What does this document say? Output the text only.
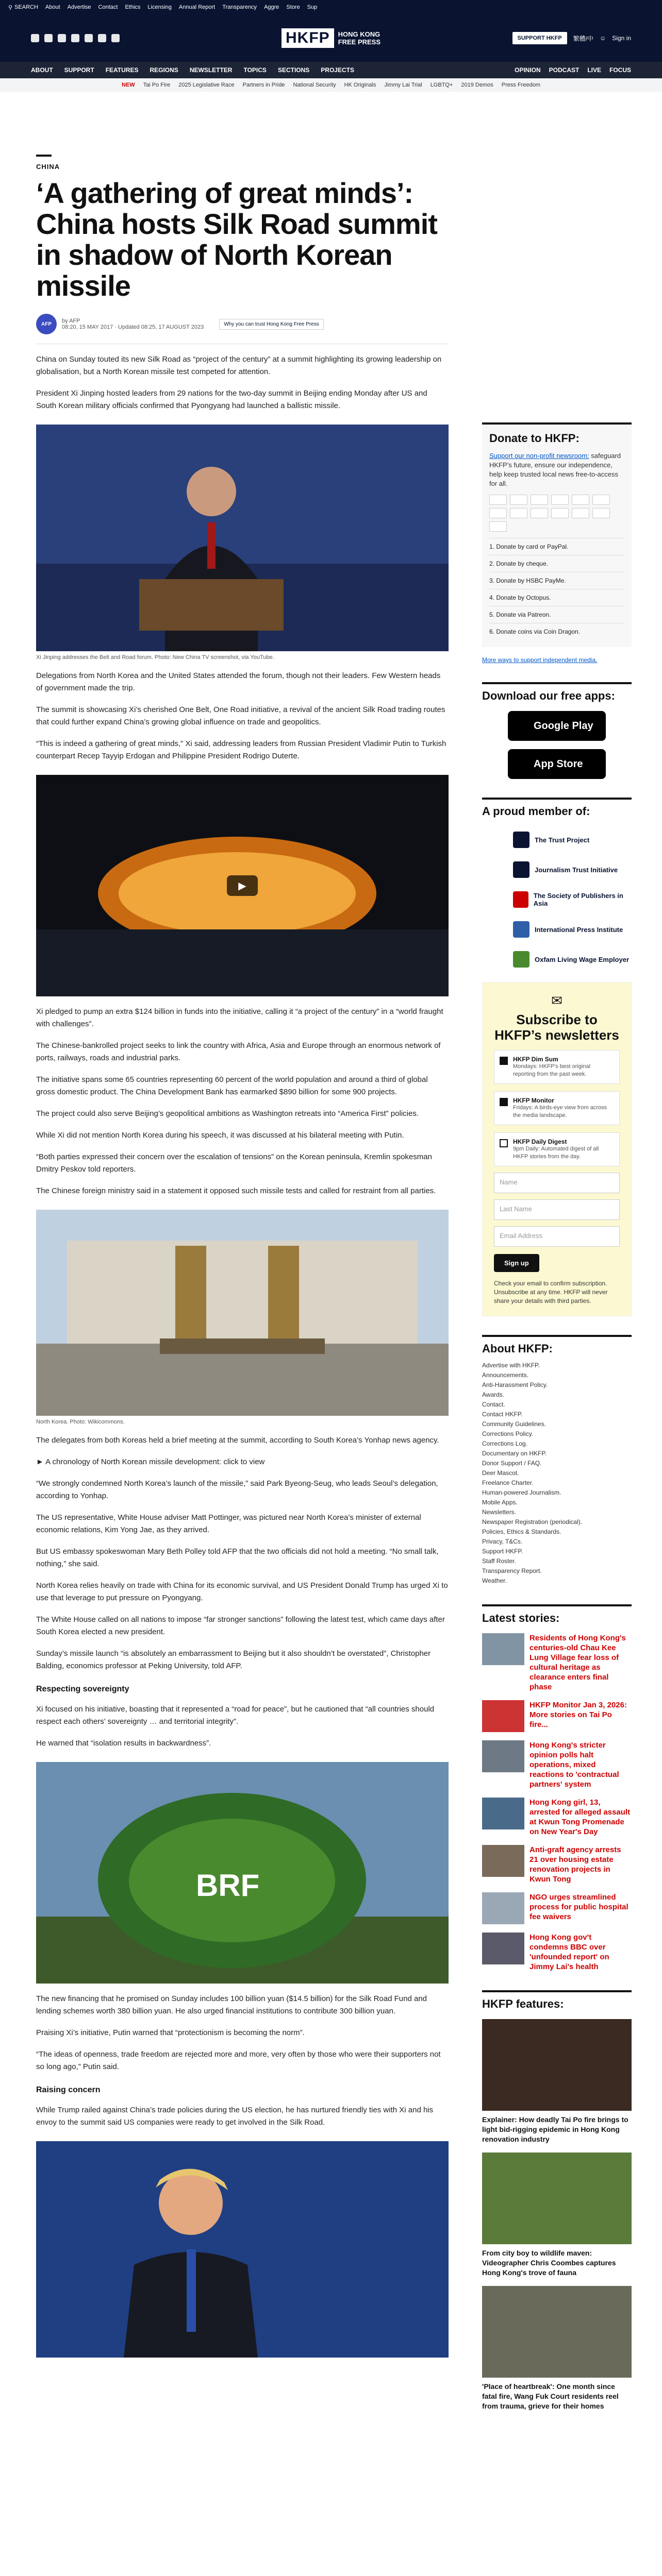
⚲ SEARCH About Advertise Contact Ethics Licensing Annual Report Transparency Aggre Store Sup
HKFP	HONG KONG
FREE PRESS	SUPPORT HKFP	繁體/中 ☺ Sign in
ABOUT SUPPORT FEATURES REGIONS NEWSLETTER TOPICS SECTIONS PROJECTS	OPINION PODCAST LIVE FOCUS
NEW Tai Po Fire 2025 Legislative Race Partners in Pride National Security HK Originals Jimmy Lai Trial LGBTQ+ 2019 Demos Press Freedom
CHINA
‘A gathering of great minds’: China hosts Silk Road summit in shadow of North Korean missile
AFP	by AFP
08:20, 15 MAY 2017 · Updated 08:25, 17 AUGUST 2023	Why you can trust Hong Kong Free Press

China on Sunday touted its new Silk Road as “project of the century” at a summit highlighting its growing leadership on globalisation, but a North Korean missile test competed for attention.

President Xi Jinping hosted leaders from 29 nations for the two-day summit in Beijing ending Monday after US and South Korean military officials confirmed that Pyongyang had launched a ballistic missile.

Xi Jinping addresses the Belt and Road forum. Photo: New China TV screenshot, via YouTube.

Delegations from North Korea and the United States attended the forum, though not their leaders. Few Western heads of government made the trip.

The summit is showcasing Xi’s cherished One Belt, One Road initiative, a revival of the ancient Silk Road trading routes that could further expand China’s growing global influence on trade and geopolitics.

“This is indeed a gathering of great minds,” Xi said, addressing leaders from Russian President Vladimir Putin to Turkish counterpart Recep Tayyip Erdogan and Philippine President Rodrigo Duterte.

▶

Xi pledged to pump an extra $124 billion in funds into the initiative, calling it “a project of the century” in a “world fraught with challenges”.

The Chinese-bankrolled project seeks to link the country with Africa, Asia and Europe through an enormous network of ports, railways, roads and industrial parks.

The initiative spans some 65 countries representing 60 percent of the world population and around a third of global gross domestic product. The China Development Bank has earmarked $890 billion for some 900 projects.

The project could also serve Beijing’s geopolitical ambitions as Washington retreats into “America First” policies.

While Xi did not mention North Korea during his speech, it was discussed at his bilateral meeting with Putin.

“Both parties expressed their concern over the escalation of tensions” on the Korean peninsula, Kremlin spokesman Dmitry Peskov told reporters.

The Chinese foreign ministry said in a statement it opposed such missile tests and called for restraint from all parties.

North Korea. Photo: Wikicommons.

The delegates from both Koreas held a brief meeting at the summit, according to South Korea’s Yonhap news agency.

► A chronology of North Korean missile development: click to view

“We strongly condemned North Korea’s launch of the missile,” said Park Byeong-Seug, who leads Seoul’s delegation, according to Yonhap.

The US representative, White House adviser Matt Pottinger, was pictured near North Korea’s minister of external economic relations, Kim Yong Jae, as they arrived.

But US embassy spokeswoman Mary Beth Polley told AFP that the two officials did not hold a meeting. “No small talk, nothing,” she said.

North Korea relies heavily on trade with China for its economic survival, and US President Donald Trump has urged Xi to use that leverage to put pressure on Pyongyang.

The White House called on all nations to impose “far stronger sanctions” following the latest test, which came days after South Korea elected a new president.

Sunday’s missile launch “is absolutely an embarrassment to Beijing but it also shouldn’t be overstated”, Christopher Balding, economics professor at Peking University, told AFP.

Respecting sovereignty

Xi focused on his initiative, boasting that it represented a “road for peace”, but he cautioned that “all countries should respect each others’ sovereignty … and territorial integrity”.

He warned that “isolation results in backwardness”.

BRF

The new financing that he promised on Sunday includes 100 billion yuan ($14.5 billion) for the Silk Road Fund and lending schemes worth 380 billion yuan. He also urged financial institutions to contribute 300 billion yuan.

Praising Xi’s initiative, Putin warned that “protectionism is becoming the norm”.

“The ideas of openness, trade freedom are rejected more and more, very often by those who were their supporters not so long ago,” Putin said.

Raising concern

While Trump railed against China’s trade policies during the US election, he has nurtured friendly ties with Xi and his envoy to the summit said US companies were ready to get involved in the Silk Road.

Donate to HKFP:

Support our non-profit newsroom: safeguard HKFP’s future, ensure our independence, help keep trusted local news free-to-access for all.

1. Donate by card or PayPal.
2. Donate by cheque.
3. Donate by HSBC PayMe.
4. Donate by Octopus.
5. Donate via Patreon.
6. Donate coins via Coin Dragon.
More ways to support independent media.
Download our free apps:
Google Play
App Store
A proud member of:
The Trust Project
Journalism Trust Initiative
The Society of Publishers in Asia
International Press Institute
Oxfam Living Wage Employer
✉
Subscribe to HKFP’s newsletters
HKFP Dim Sum
Mondays: HKFP's best original reporting from the past week.
HKFP Monitor
Fridays: A birds-eye view from across the media landscape.
HKFP Daily Digest
9pm Daily: Automated digest of all HKFP stories from the day.
Name
Last Name
Email Address
Sign up

Check your email to confirm subscription. Unsubscribe at any time. HKFP will never share your details with third parties.

About HKFP:
Advertise with HKFP.
Announcements.
Anti-Harassment Policy.
Awards.
Contact.
Contact HKFP.
Community Guidelines.
Corrections Policy.
Corrections Log.
Documentary on HKFP.
Donor Support / FAQ.
Deer Mascot.
Freelance Charter.
Human-powered Journalism.
Mobile Apps.
Newsletters.
Newspaper Registration (periodical).
Policies, Ethics & Standards.
Privacy, T&Cs.
Support HKFP.
Staff Roster.
Transparency Report.
Weather.
Latest stories:
Residents of Hong Kong's centuries-old Chau Kee Lung Village fear loss of cultural heritage as clearance enters final phase
HKFP Monitor Jan 3, 2026: More stories on Tai Po fire...
Hong Kong's stricter opinion polls halt operations, mixed reactions to 'contractual partners' system
Hong Kong girl, 13, arrested for alleged assault at Kwun Tong Promenade on New Year's Day
Anti-graft agency arrests 21 over housing estate renovation projects in Kwun Tong
NGO urges streamlined process for public hospital fee waivers
Hong Kong gov't condemns BBC over 'unfounded report' on Jimmy Lai's health
HKFP features:
Explainer: How deadly Tai Po fire brings to light bid-rigging epidemic in Hong Kong renovation industry
From city boy to wildlife maven: Videographer Chris Coombes captures Hong Kong's trove of fauna
'Place of heartbreak': One month since fatal fire, Wang Fuk Court residents reel from trauma, grieve for their homes
